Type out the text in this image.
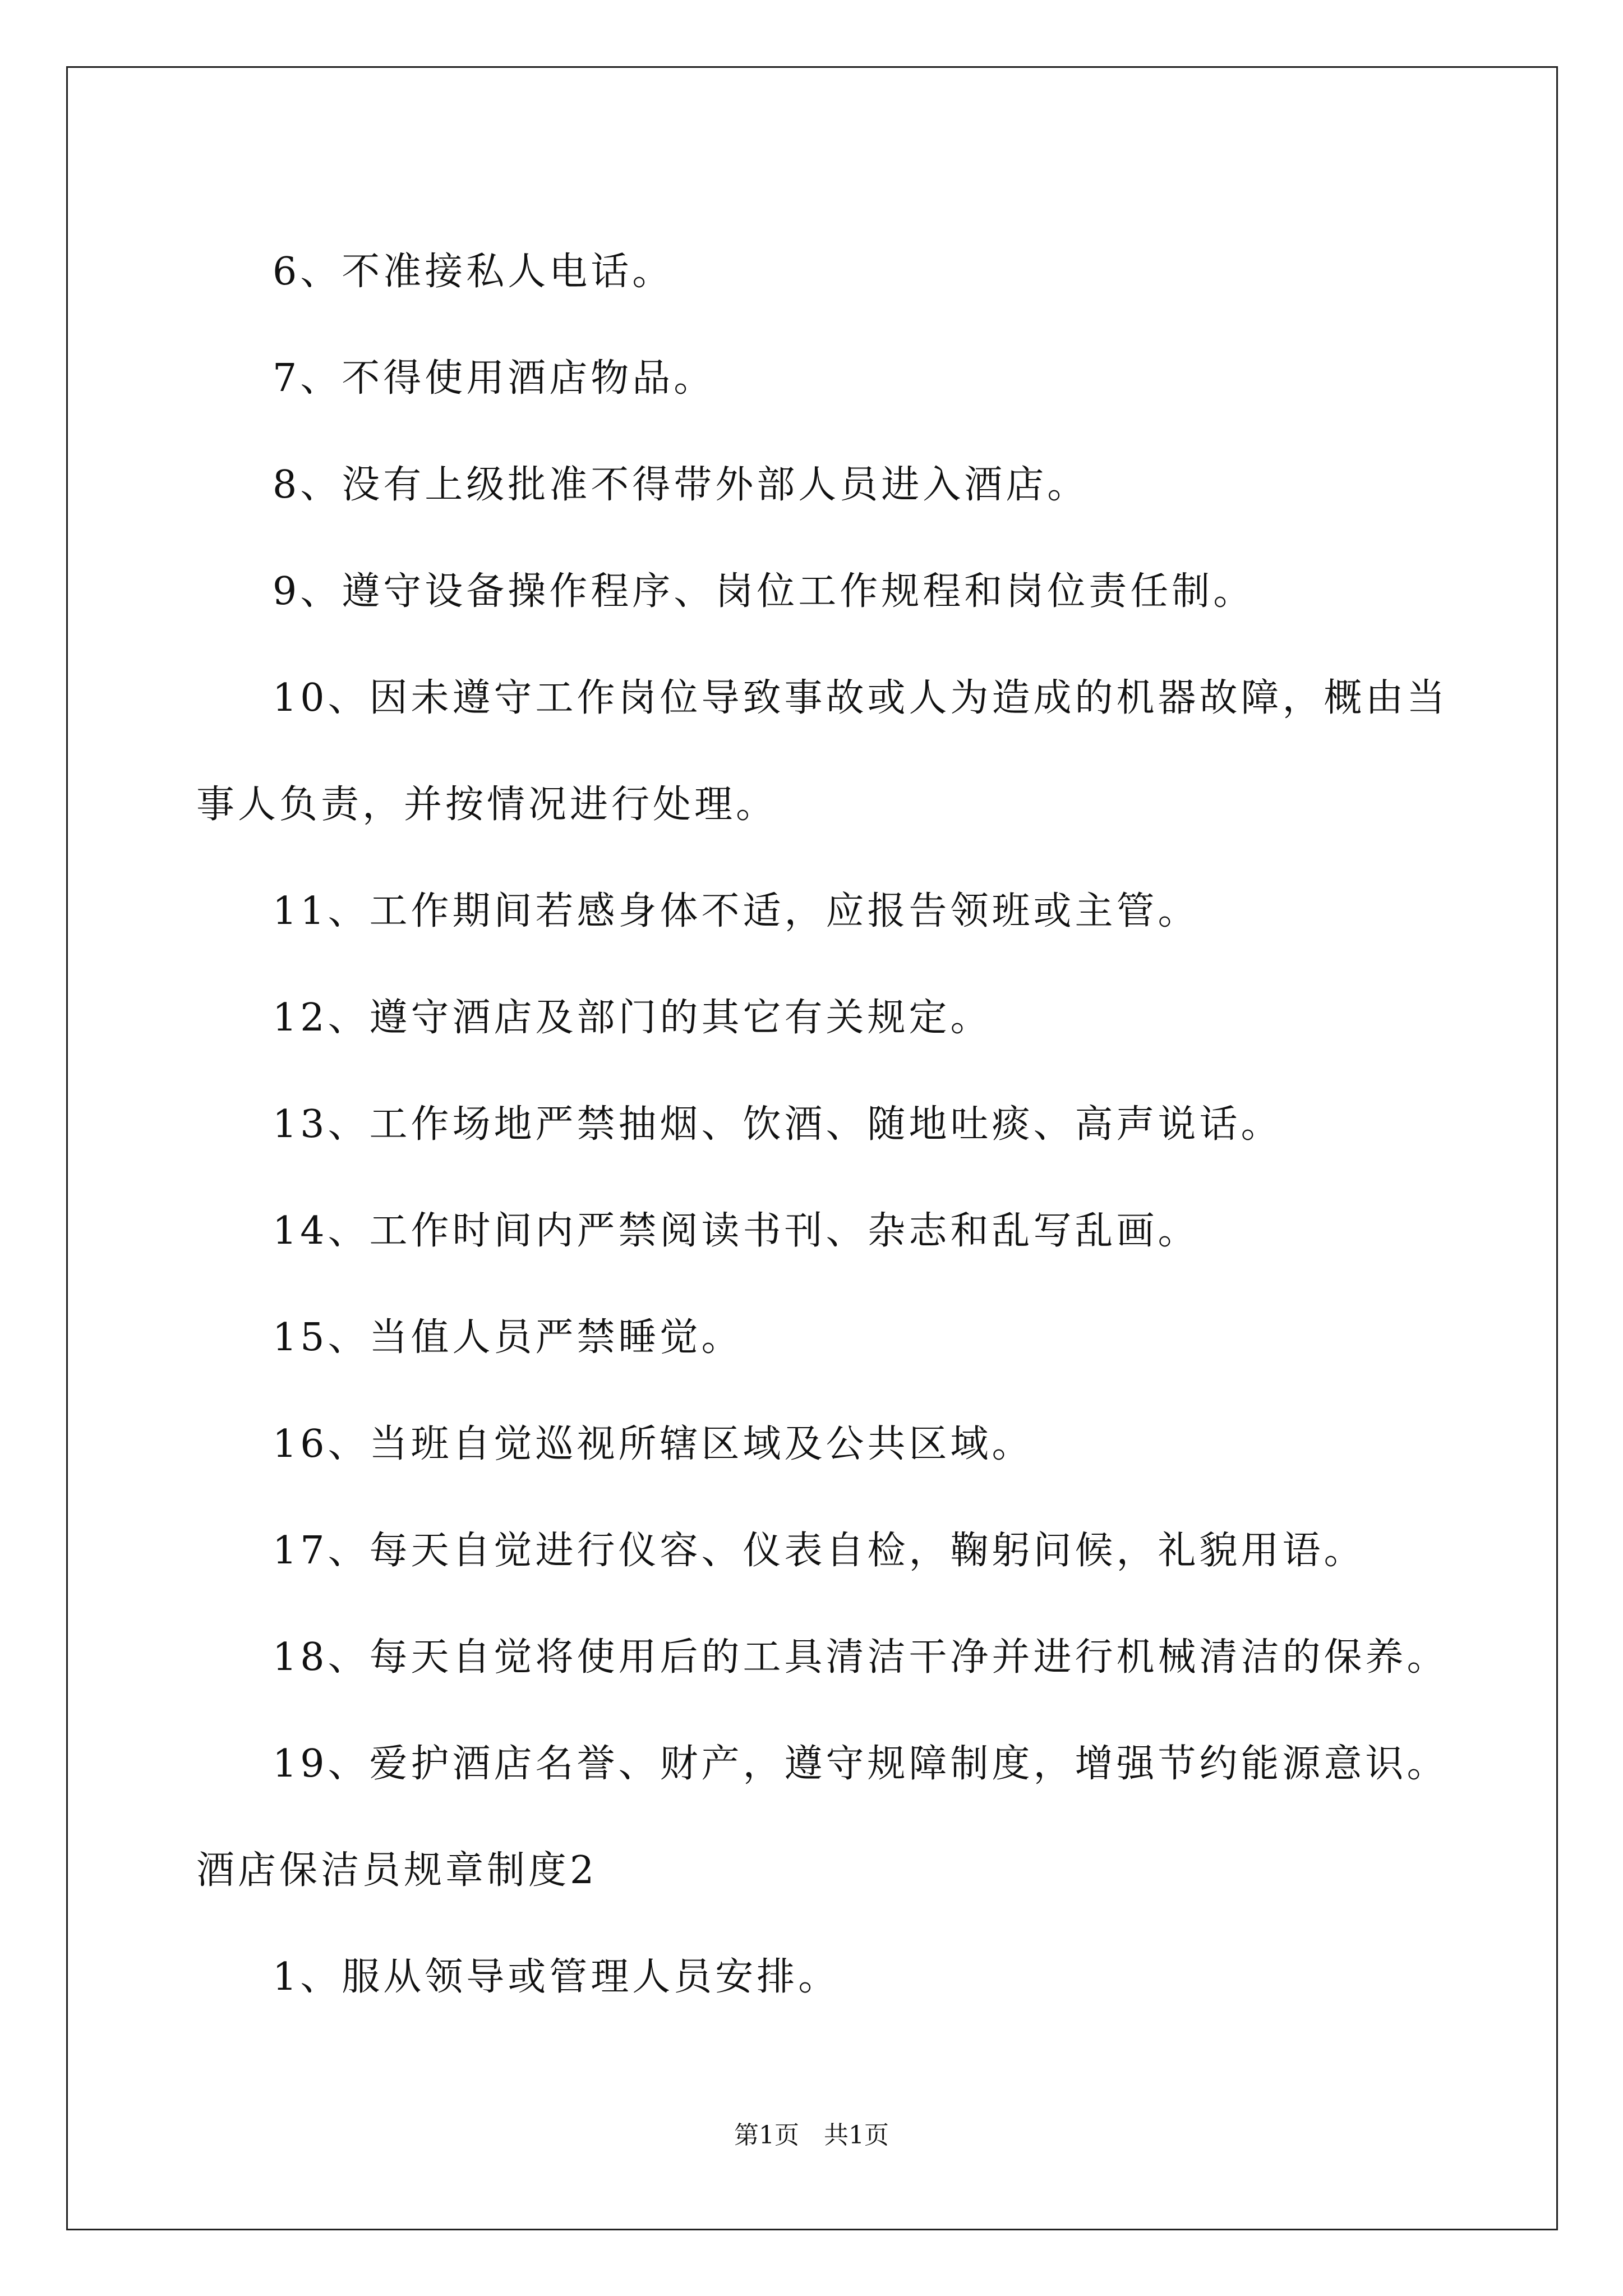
6、不准接私人电话。

7、不得使用酒店物品。

8、没有上级批准不得带外部人员进入酒店。

9、遵守设备操作程序、岗位工作规程和岗位责任制。

10、因未遵守工作岗位导致事故或人为造成的机器故障，概由当

事人负责，并按情况进行处理。

11、工作期间若感身体不适，应报告领班或主管。

12、遵守酒店及部门的其它有关规定。

13、工作场地严禁抽烟、饮酒、随地吐痰、高声说话。

14、工作时间内严禁阅读书刊、杂志和乱写乱画。

15、当值人员严禁睡觉。

16、当班自觉巡视所辖区域及公共区域。

17、每天自觉进行仪容、仪表自检，鞠躬问候，礼貌用语。

18、每天自觉将使用后的工具清洁干净并进行机械清洁的保养。

19、爱护酒店名誉、财产，遵守规障制度，增强节约能源意识。

酒店保洁员规章制度2

1、服从领导或管理人员安排。

第1页　共1页
